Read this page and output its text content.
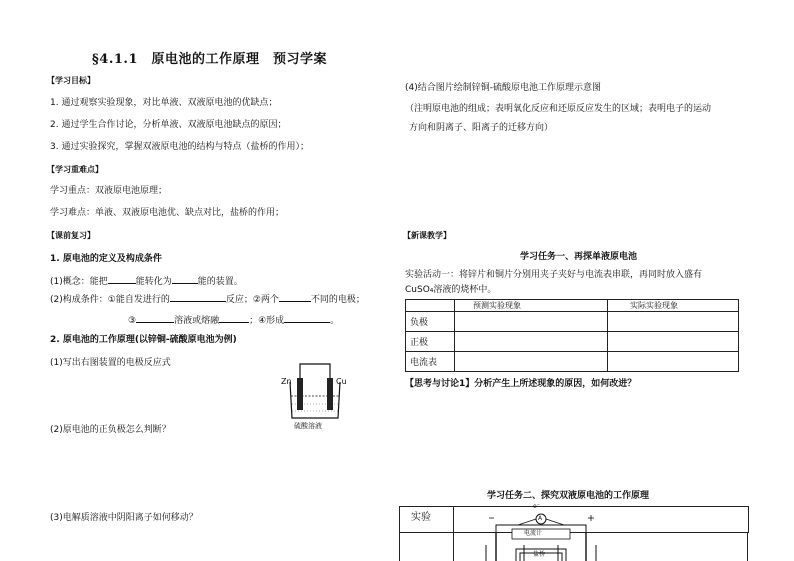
§4.1.1　原电池的工作原理　预习学案
【学习目标】
1. 通过观察实验现象，对比单液、双液原电池的优缺点；
2. 通过学生合作讨论，分析单液、双液原电池缺点的原因；
3. 通过实验探究，掌握双液原电池的结构与特点（盐桥的作用）；
【学习重难点】
学习重点：双液原电池原理；
学习难点：单液、双液原电池优、缺点对比，盐桥的作用；
【课前复习】
1. 原电池的定义及构成条件
(1)概念：能把	能转化为	能的装置。
(2)构成条件：①能自发进行的	反应；②两个	不同的电极；
③	溶液或熔融	；④形成	。
2. 原电池的工作原理(以锌铜-硫酸原电池为例)
(1)写出右图装置的电极反应式
(2)原电池的正负极怎么判断？
(3)电解质溶液中阴阳离子如何移动？
Zn	Cu
硫酸溶液
(4)结合图片绘制锌铜-硫酸原电池工作原理示意图
（注明原电池的组成；表明氧化反应和还原反应发生的区域；表明电子的运动
方向和阴离子、阳离子的迁移方向）
【新课教学】
学习任务一、再探单液原电池
实验活动一：将锌片和铜片分别用夹子夹好与电流表串联，再同时放入盛有
CuSO₄溶液的烧杯中。
	预测实验现象	实际实验现象
负极		
正极		
电流表		
【思考与讨论1】分析产生上所述现象的原因，如何改进？
学习任务二、探究双液原电池的工作原理
实验
e⁻
A
电流计
盐桥
